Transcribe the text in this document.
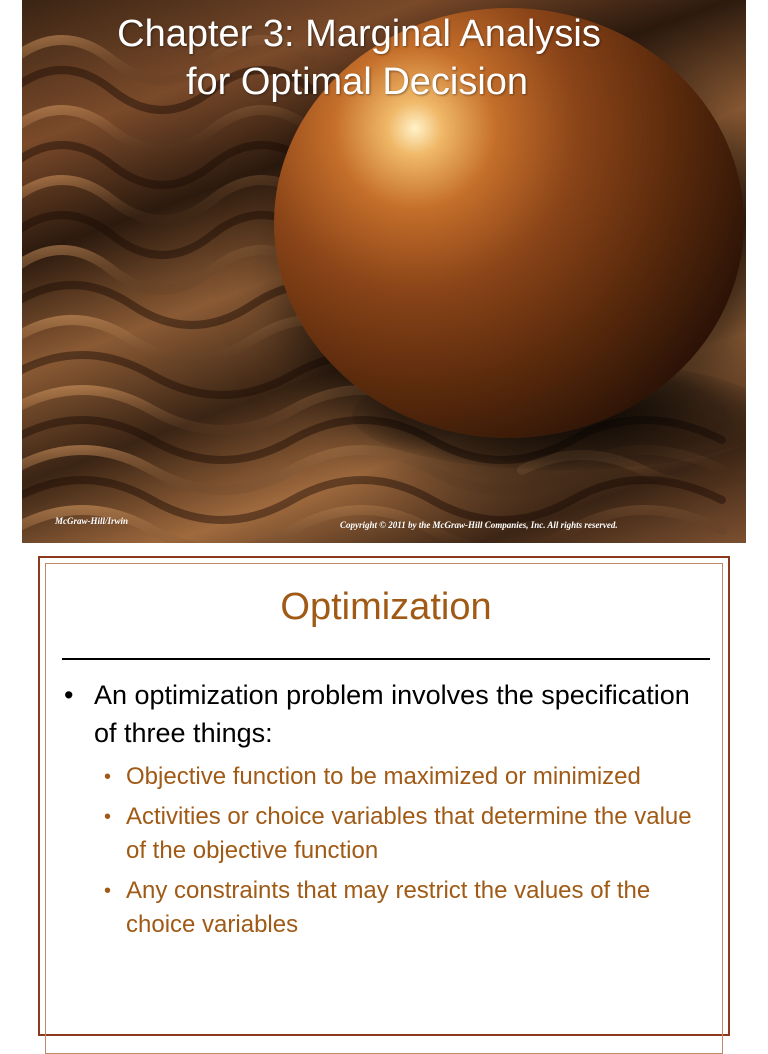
Chapter 3: Marginal Analysis
for Optimal Decision
McGraw-Hill/Irwin	Copyright © 2011 by the McGraw-Hill Companies, Inc. All rights reserved.
Optimization
• An optimization problem involves the specification of three things:
• Objective function to be maximized or minimized
• Activities or choice variables that determine the value of the objective function
• Any constraints that may restrict the values of the choice variables
